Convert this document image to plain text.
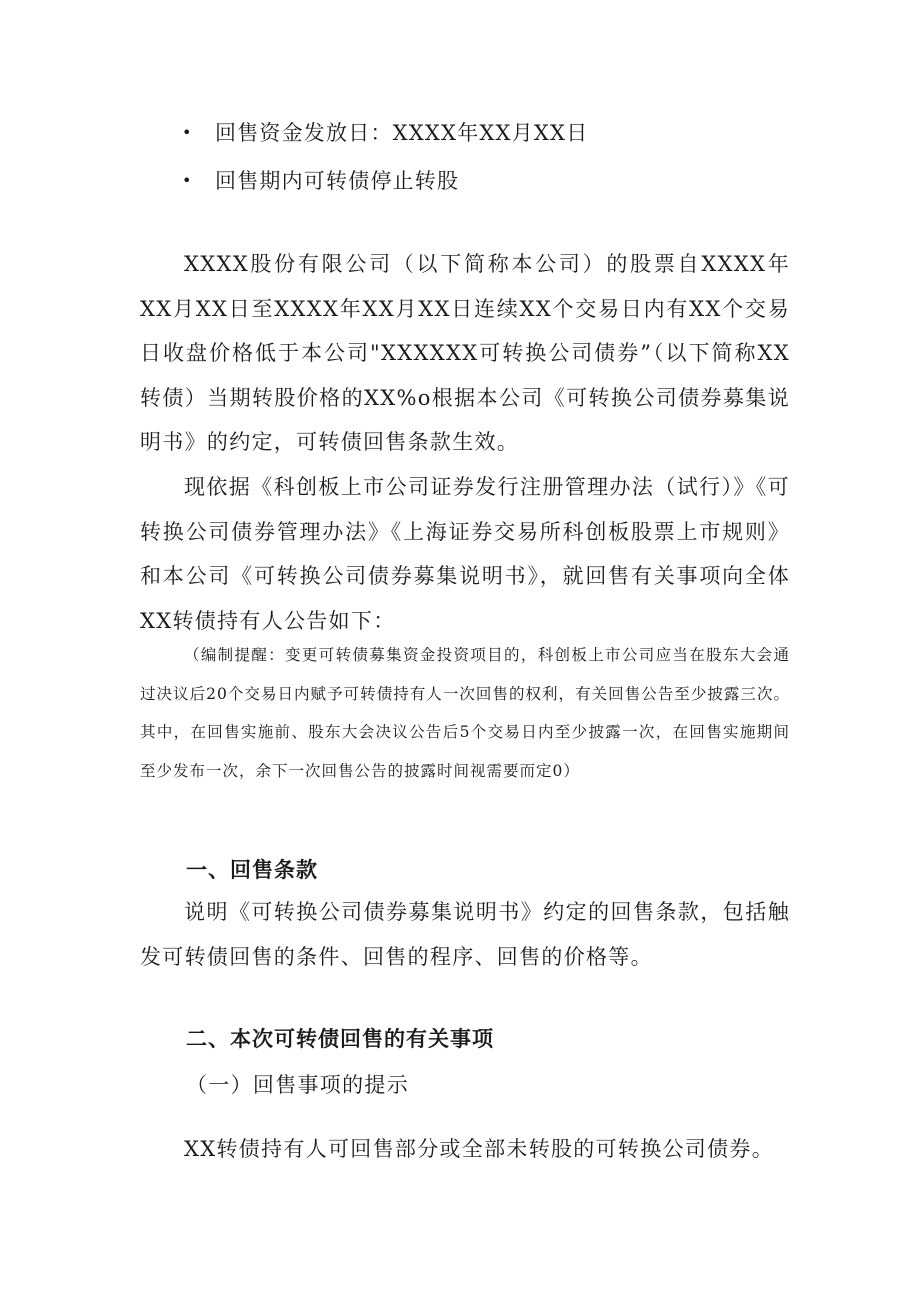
• 回售资金发放日：XXXX年XX月XX日
• 回售期内可转债停止转股

XXXX股份有限公司（以下简称本公司）的股票自XXXX年XX月XX日至XXXX年XX月XX日连续XX个交易日内有XX个交易日收盘价格低于本公司"XXXXXX可转换公司债券”（以下简称XX转债）当期转股价格的XX%o根据本公司《可转换公司债券募集说明书》的约定，可转债回售条款生效。

现依据《科创板上市公司证券发行注册管理办法（试行）》《可转换公司债券管理办法》《上海证券交易所科创板股票上市规则》和本公司《可转换公司债券募集说明书》，就回售有关事项向全体XX转债持有人公告如下：

（编制提醒：变更可转债募集资金投资项目的，科创板上市公司应当在股东大会通过决议后20个交易日内赋予可转债持有人一次回售的权利，有关回售公告至少披露三次。其中，在回售实施前、股东大会决议公告后5个交易日内至少披露一次，在回售实施期间至少发布一次，余下一次回售公告的披露时间视需要而定0）

一、回售条款

说明《可转换公司债券募集说明书》约定的回售条款，包括触发可转债回售的条件、回售的程序、回售的价格等。

二、本次可转债回售的有关事项

（一）回售事项的提示

XX转债持有人可回售部分或全部未转股的可转换公司债券。
